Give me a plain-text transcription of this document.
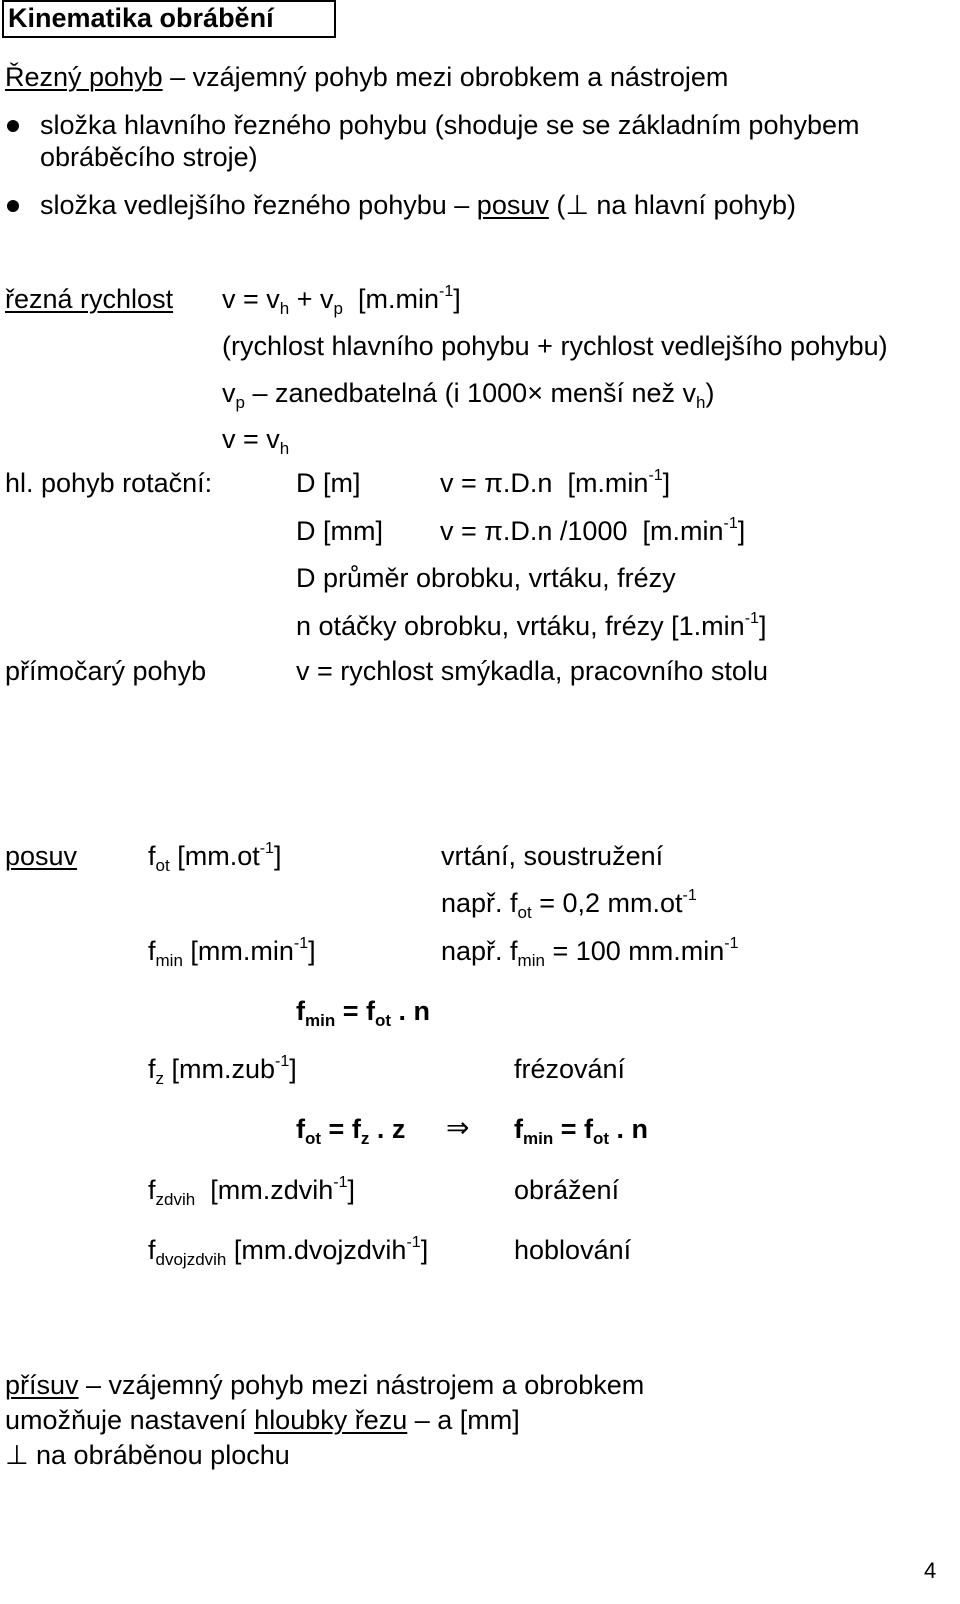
Kinematika obrábění
Řezný pohyb – vzájemný pohyb mezi obrobkem a nástrojem
složka hlavního řezného pohybu (shoduje se se základním pohybem
obráběcího stroje)
složka vedlejšího řezného pohybu – posuv (⊥ na hlavní pohyb)
řezná rychlost $v = v_h + v_p$ $[m.\min^{-1}]$
(rychlost hlavního pohybu + rychlost vedlejšího pohybu)
$v_p$ – zanedbatelná (i 1000× menší než $v_h$)
$v = v_h$
hl. pohyb rotační:	D [m]	v = π.D.n $[m.\min^{-1}]$
D [mm] v = π.D.n /1000 $[m.\min^{-1}]$
D průměr obrobku, vrtáku, frézy
n otáčky obrobku, vrtáku, frézy $[1.\min^{-1}]$
přímočarý pohyb	v = rychlost smýkadla, pracovního stolu
posuv	$f_{ot}$ $[mm.ot^{-1}]$	vrtání, soustružení
např. $f_{ot} = 0,2$ $mm.ot^{-1}$
$f_{min}$ $[mm.\min^{-1}]$	např. $f_{min} = 100$ $mm.\min^{-1}$
$f_{min} = f_{ot}$ . n
$f_z$ [mm.zub$^{-1}$]	frézování
$f_{ot} = f_z$ . z ⇒ $f_{min} = f_{ot}$ . n
$f_{zdvih}$  [mm.zdvih$^{-1}$]	obrážení
$f_{dvojzdvih}$ [mm.dvojzdvih$^{-1}$]	hoblování
přísuv – vzájemný pohyb mezi nástrojem a obrobkem
umožňuje nastavení hloubky řezu – a [mm]
⊥ na obráběnou plochu
4
